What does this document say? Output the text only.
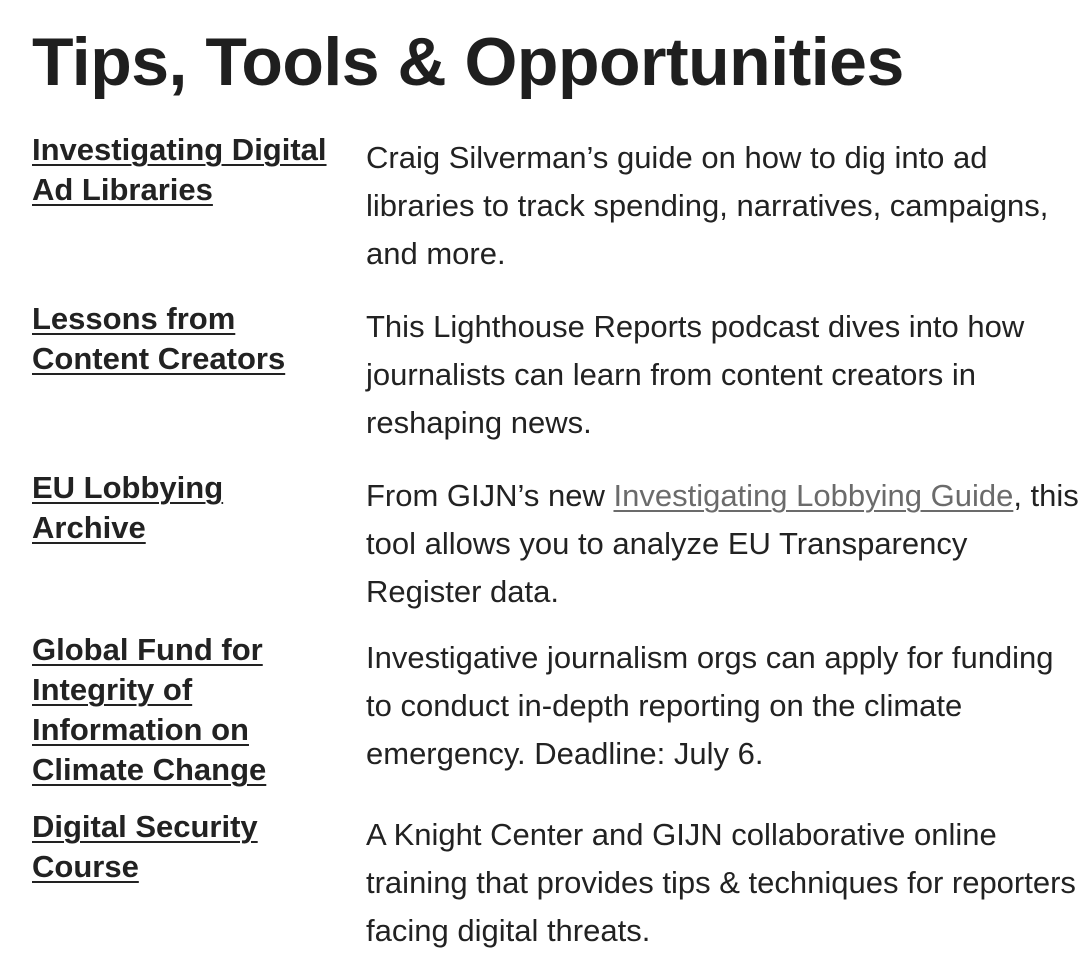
Tips, Tools & Opportunities
Investigating Digital Ad Libraries
Craig Silverman’s guide on how to dig into ad libraries to track spending, narratives, campaigns, and more.
Lessons from Content Creators
This Lighthouse Reports podcast dives into how journalists can learn from content creators in reshaping news.
EU Lobbying Archive
From GIJN’s new Investigating Lobbying Guide, this tool allows you to analyze EU Transparency Register data.
Global Fund for Integrity of Information on Climate Change
Investigative journalism orgs can apply for funding to conduct in-depth reporting on the climate emergency. Deadline: July 6.
Digital Security Course
A Knight Center and GIJN collaborative online training that provides tips & techniques for reporters facing digital threats.
